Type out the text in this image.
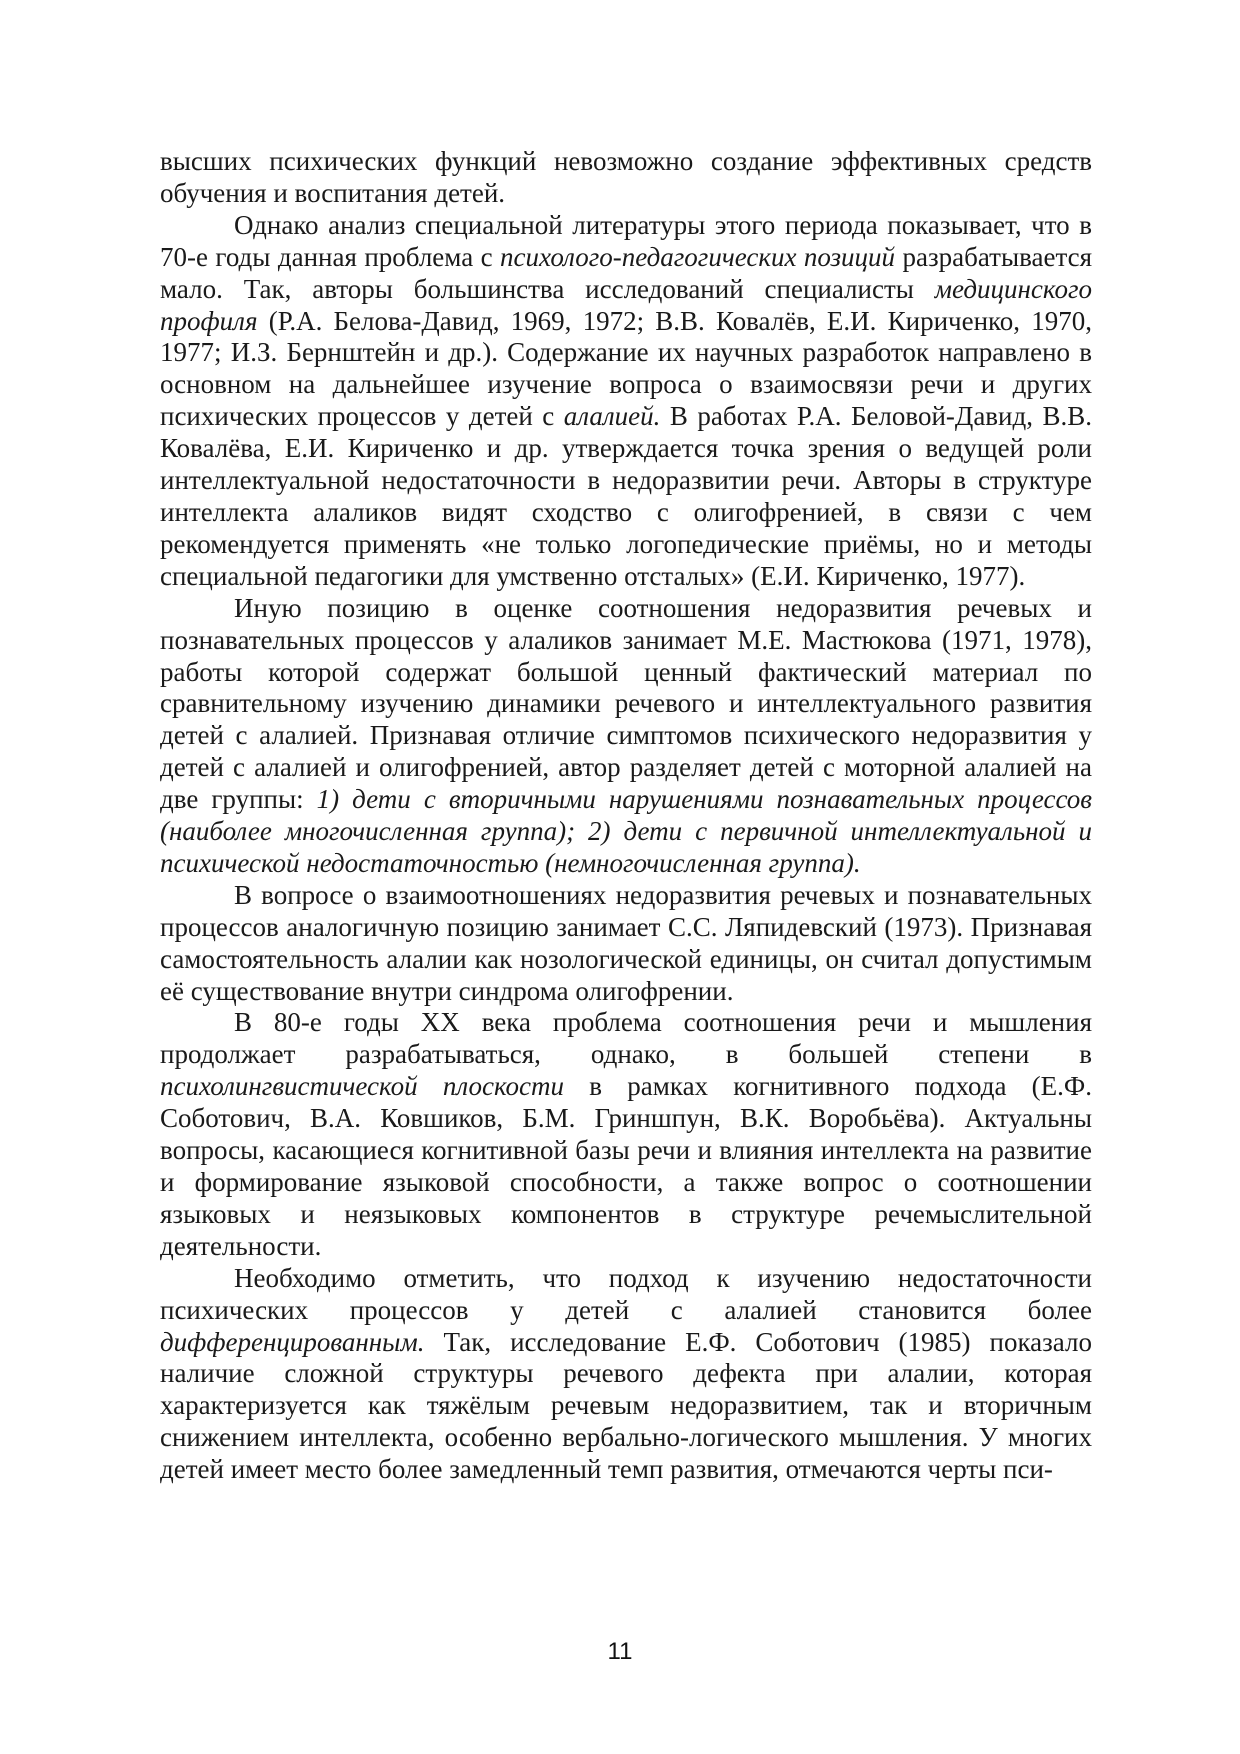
высших психических функций невозможно создание эффективных средств обучения и воспитания детей.

Однако анализ специальной литературы этого периода показывает, что в 70-е годы данная проблема с психолого-педагогических позиций разрабатывается мало. Так, авторы большинства исследований специалисты медицинского профиля (Р.А. Белова-Давид, 1969, 1972; В.В. Ковалёв, Е.И. Кириченко, 1970, 1977; И.З. Бернштейн и др.). Содержание их научных разработок направлено в основном на дальнейшее изучение вопроса о взаимосвязи речи и других психических процессов у детей с алалией. В работах Р.А. Беловой-Давид, В.В. Ковалёва, Е.И. Кириченко и др. утверждается точка зрения о ведущей роли интеллектуальной недостаточности в недоразвитии речи. Авторы в структуре интеллекта алаликов видят сходство с олигофренией, в связи с чем рекомендуется применять «не только логопедические приёмы, но и методы специальной педагогики для умственно отсталых» (Е.И. Кириченко, 1977).

Иную позицию в оценке соотношения недоразвития речевых и познавательных процессов у алаликов занимает М.Е. Мастюкова (1971, 1978), работы которой содержат большой ценный фактический материал по сравнительному изучению динамики речевого и интеллектуального развития детей с алалией. Признавая отличие симптомов психического недоразвития у детей с алалией и олигофренией, автор разделяет детей с моторной алалией на две группы: 1) дети с вторичными нарушениями познавательных процессов (наиболее многочисленная группа); 2) дети с первичной интеллектуальной и психической недостаточностью (немногочисленная группа).

В вопросе о взаимоотношениях недоразвития речевых и познавательных процессов аналогичную позицию занимает С.С. Ляпидевский (1973). Признавая самостоятельность алалии как нозологической единицы, он считал допустимым её существование внутри синдрома олигофрении.

В 80-е годы XX века проблема соотношения речи и мышления продолжает разрабатываться, однако, в большей степени в психолингвистической плоскости в рамках когнитивного подхода (Е.Ф. Соботович, В.А. Ковшиков, Б.М. Гриншпун, В.К. Воробьёва). Актуальны вопросы, касающиеся когнитивной базы речи и влияния интеллекта на развитие и формирование языковой способности, а также вопрос о соотношении языковых и неязыковых компонентов в структуре речемыслительной деятельности.

Необходимо отметить, что подход к изучению недостаточности психических процессов у детей с алалией становится более дифференцированным. Так, исследование Е.Ф. Соботович (1985) показало наличие сложной структуры речевого дефекта при алалии, которая характеризуется как тяжёлым речевым недоразвитием, так и вторичным снижением интеллекта, особенно вербально-логического мышления. У многих детей имеет место более замедленный темп развития, отмечаются черты пси-

11
